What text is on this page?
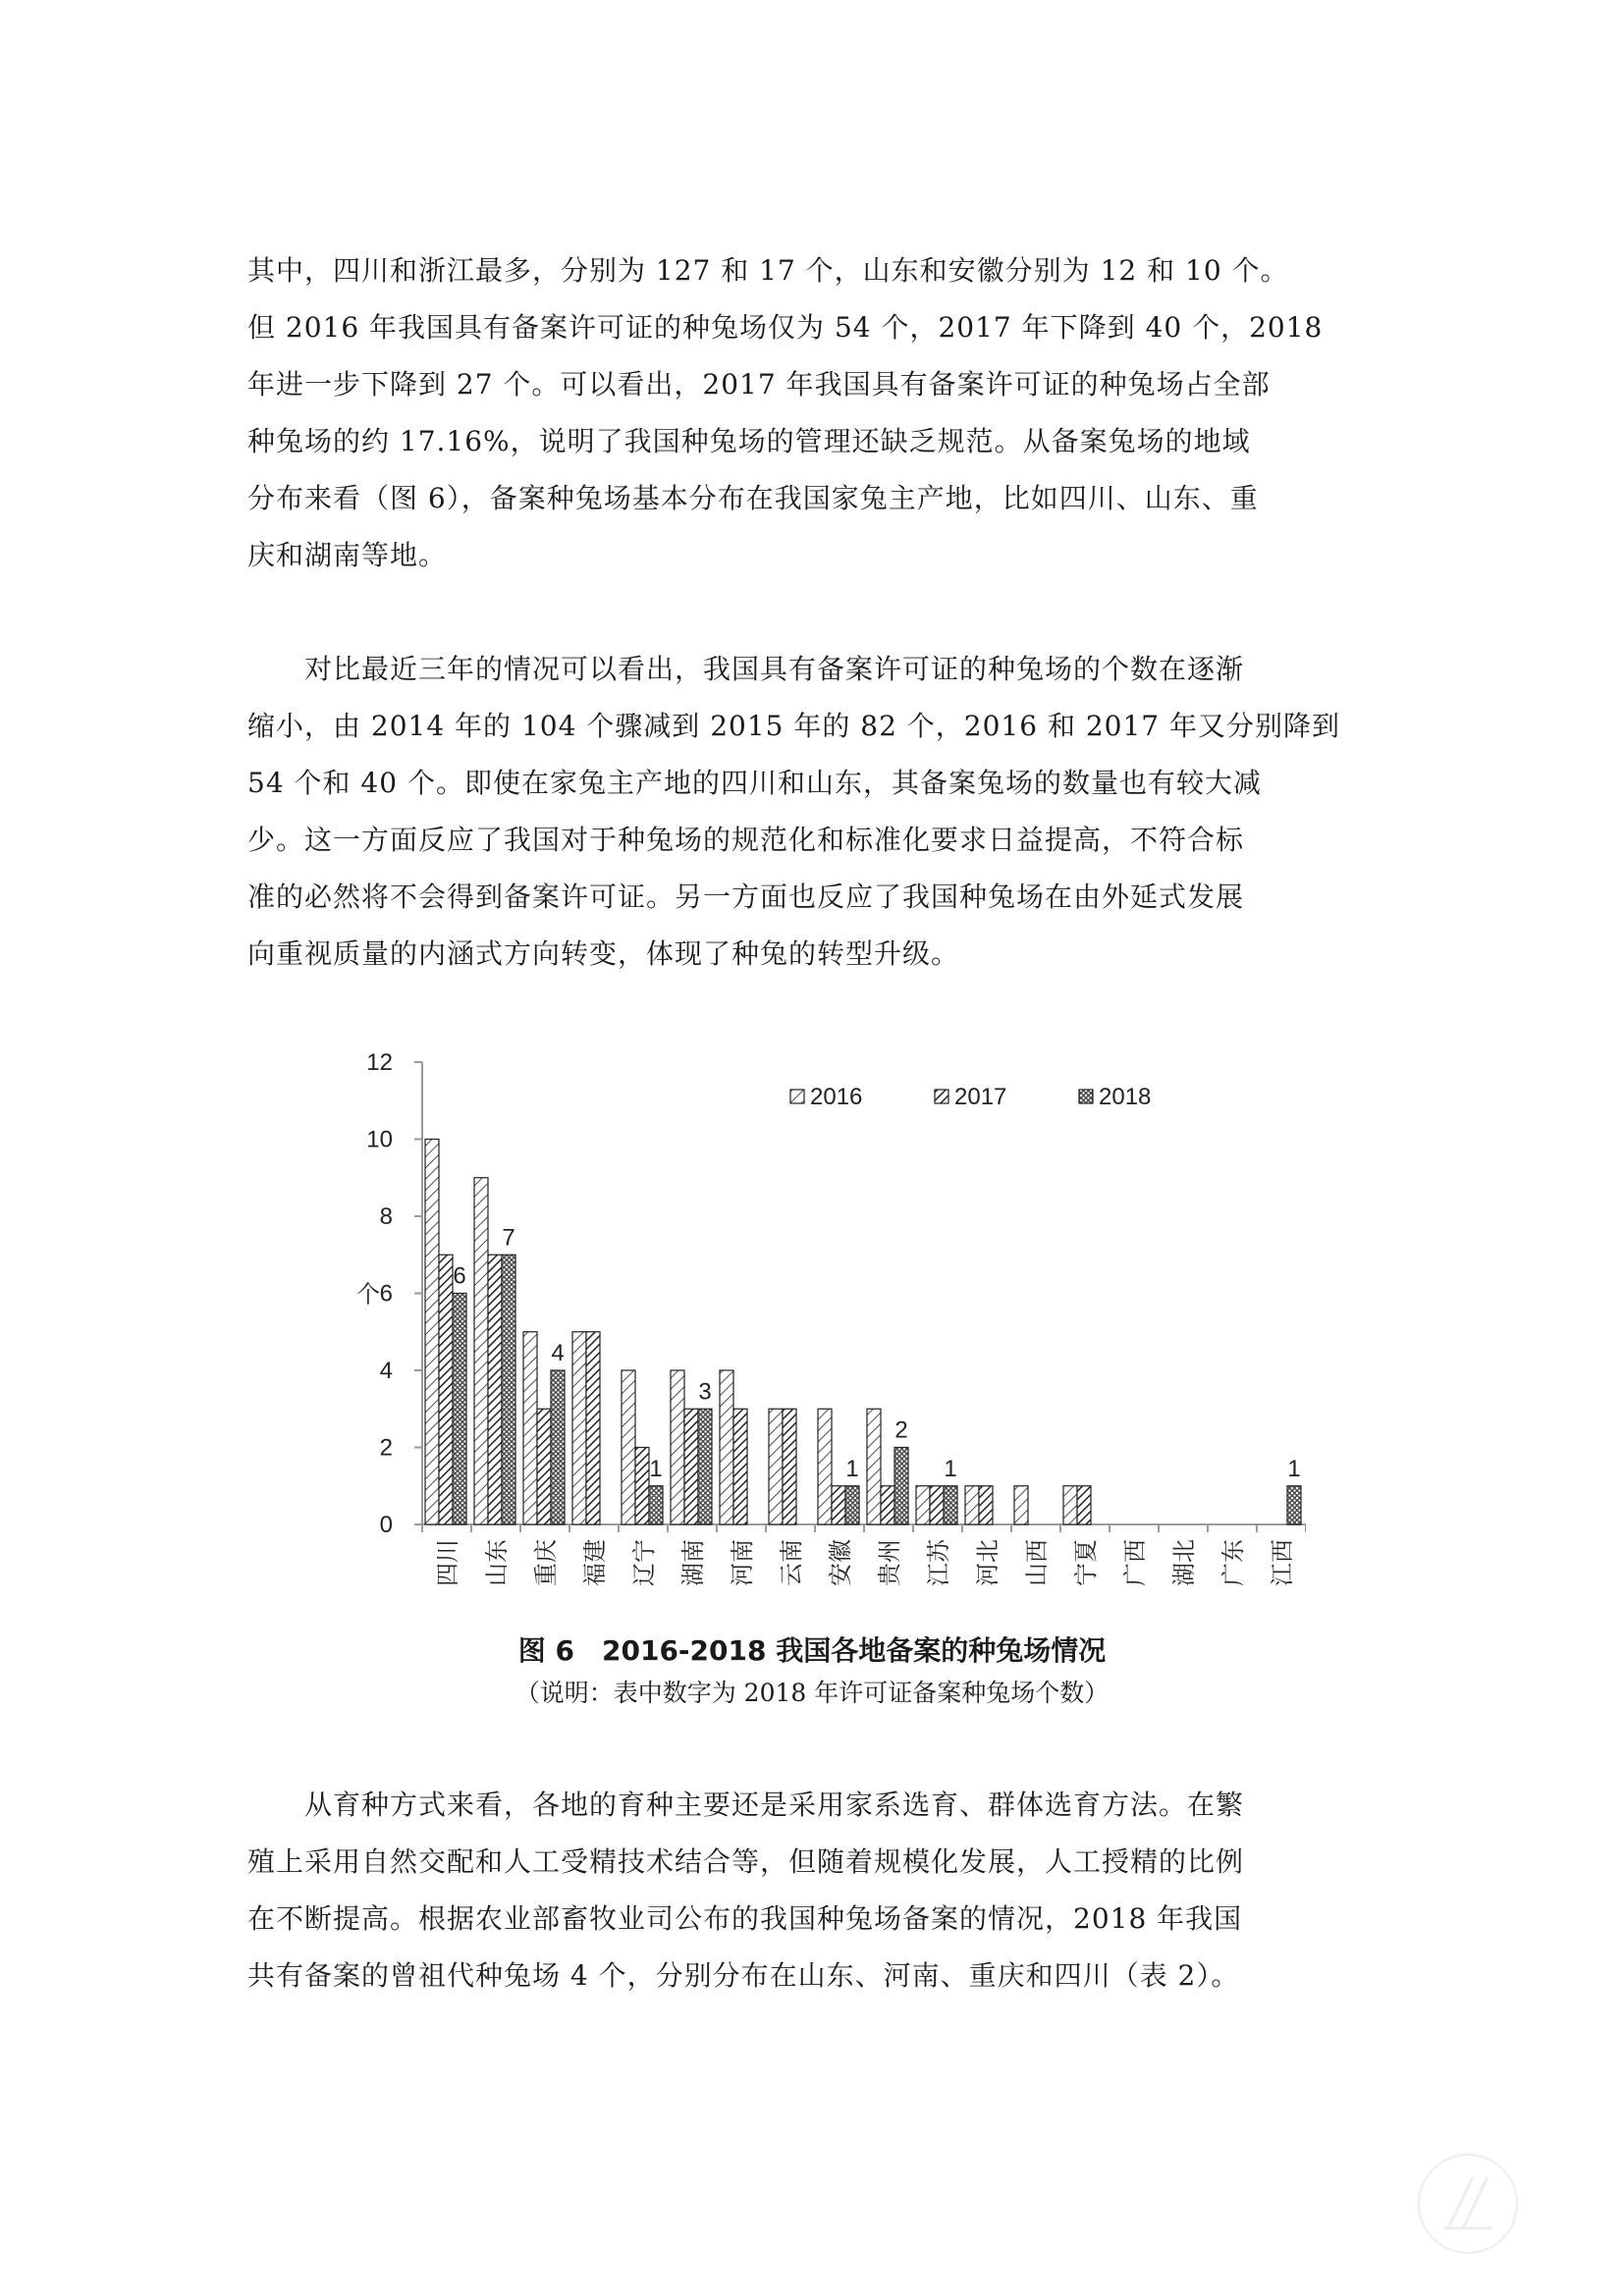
其中，四川和浙江最多，分别为 127 和 17 个，山东和安徽分别为 12 和 10 个。
但 2016 年我国具有备案许可证的种兔场仅为 54 个，2017 年下降到 40 个，2018
年进一步下降到 27 个。可以看出，2017 年我国具有备案许可证的种兔场占全部
种兔场的约 17.16%，说明了我国种兔场的管理还缺乏规范。从备案兔场的地域
分布来看（图 6），备案种兔场基本分布在我国家兔主产地，比如四川、山东、重
庆和湖南等地。

　　对比最近三年的情况可以看出，我国具有备案许可证的种兔场的个数在逐渐
缩小，由 2014 年的 104 个骤减到 2015 年的 82 个，2016 和 2017 年又分别降到
54 个和 40 个。即使在家兔主产地的四川和山东，其备案兔场的数量也有较大减
少。这一方面反应了我国对于种兔场的规范化和标准化要求日益提高，不符合标
准的必然将不会得到备案许可证。另一方面也反应了我国种兔场在由外延式发展
向重视质量的内涵式方向转变，体现了种兔的转型升级。

0
2
4
6
8
10
12
个
四川 山东 重庆 福建 辽宁 湖南 河南 云南 安徽 贵州 江苏 河北 山西 宁夏 广西 湖北 广东 江西
6
7
4
1
3
1
2
1	1
2016	2017	2018
图 6　2016-2018 我国各地备案的种兔场情况
（说明：表中数字为 2018 年许可证备案种兔场个数）

　　从育种方式来看，各地的育种主要还是采用家系选育、群体选育方法。在繁
殖上采用自然交配和人工受精技术结合等，但随着规模化发展，人工授精的比例
在不断提高。根据农业部畜牧业司公布的我国种兔场备案的情况，2018 年我国
共有备案的曾祖代种兔场 4 个，分别分布在山东、河南、重庆和四川（表 2）。
